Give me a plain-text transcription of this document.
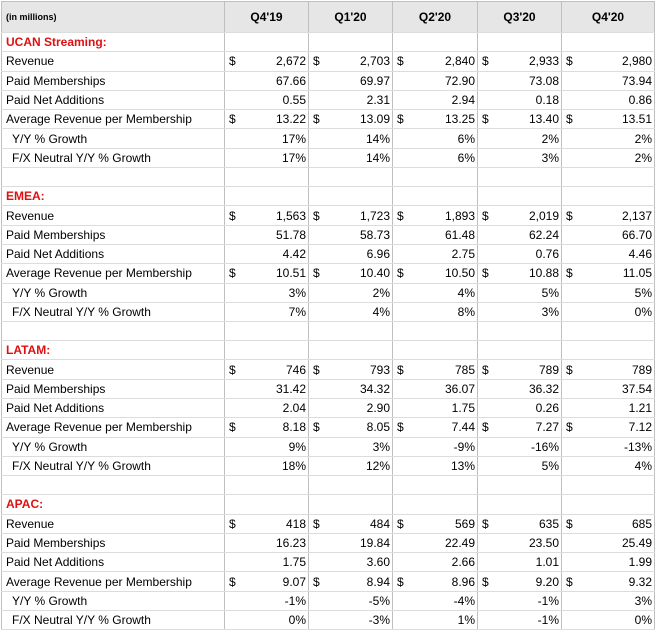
(in millions)	Q4'19		Q1'20		Q2'20		Q3'20		Q4'20	
UCAN Streaming:										
Revenue	$	2,672	$	2,703	$	2,840	$	2,933	$	2,980
Paid Memberships		67.66		69.97		72.90		73.08		73.94
Paid Net Additions		0.55		2.31		2.94		0.18		0.86
Average Revenue per Membership	$	13.22	$	13.09	$	13.25	$	13.40	$	13.51
Y/Y % Growth		17%		14%		6%		2%		2%
F/X Neutral Y/Y % Growth		17%		14%		6%		3%		2%

EMEA:										
Revenue	$	1,563	$	1,723	$	1,893	$	2,019	$	2,137
Paid Memberships		51.78		58.73		61.48		62.24		66.70
Paid Net Additions		4.42		6.96		2.75		0.76		4.46
Average Revenue per Membership	$	10.51	$	10.40	$	10.50	$	10.88	$	11.05
Y/Y % Growth		3%		2%		4%		5%		5%
F/X Neutral Y/Y % Growth		7%		4%		8%		3%		0%

LATAM:										
Revenue	$	746	$	793	$	785	$	789	$	789
Paid Memberships		31.42		34.32		36.07		36.32		37.54
Paid Net Additions		2.04		2.90		1.75		0.26		1.21
Average Revenue per Membership	$	8.18	$	8.05	$	7.44	$	7.27	$	7.12
Y/Y % Growth		9%		3%		-9%		-16%		-13%
F/X Neutral Y/Y % Growth		18%		12%		13%		5%		4%

APAC:										
Revenue	$	418	$	484	$	569	$	635	$	685
Paid Memberships		16.23		19.84		22.49		23.50		25.49
Paid Net Additions		1.75		3.60		2.66		1.01		1.99
Average Revenue per Membership	$	9.07	$	8.94	$	8.96	$	9.20	$	9.32
Y/Y % Growth		-1%		-5%		-4%		-1%		3%
F/X Neutral Y/Y % Growth		0%		-3%		1%		-1%		0%
